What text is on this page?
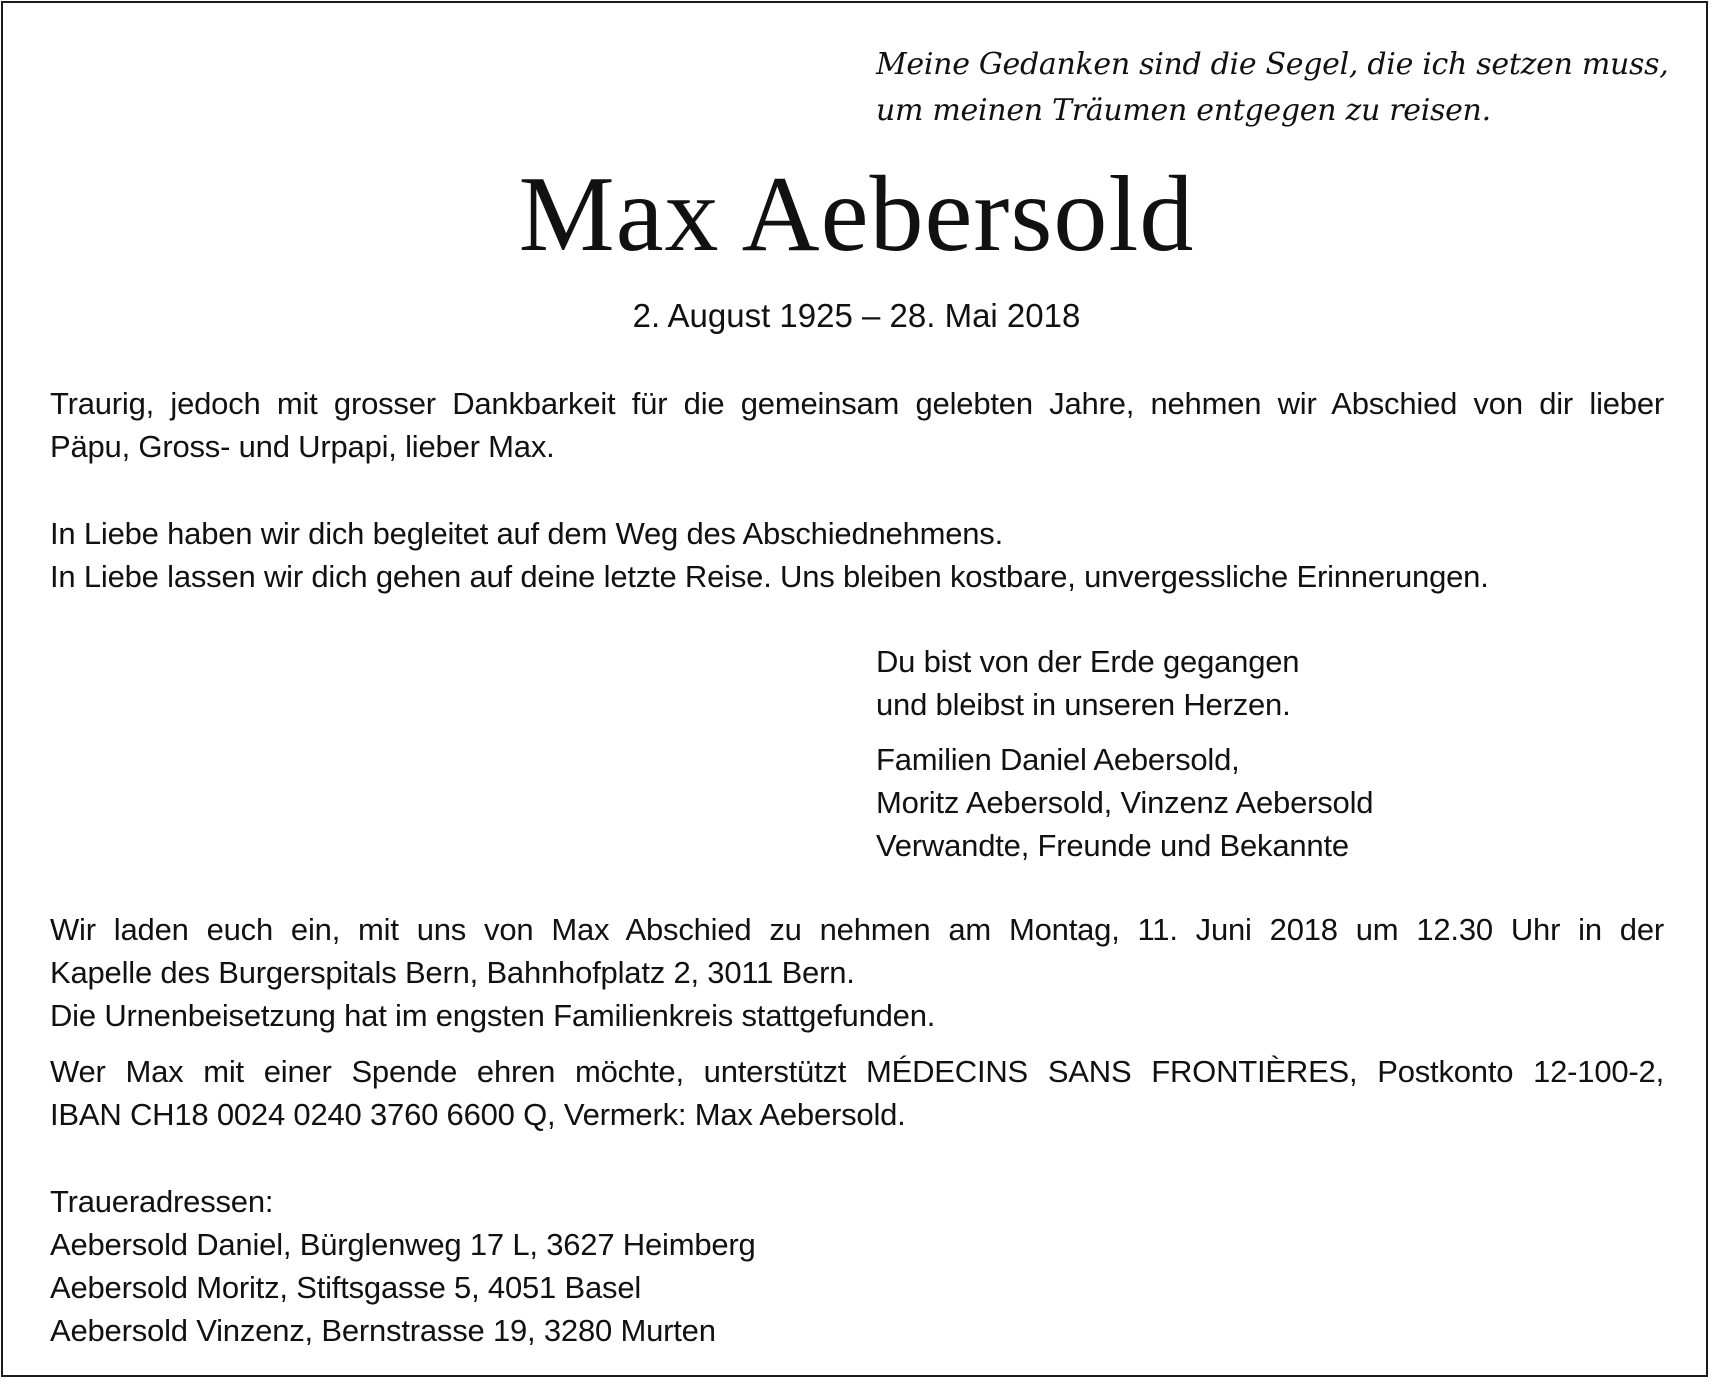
Meine Gedanken sind die Segel, die ich setzen muss,
um meinen Träumen entgegen zu reisen.
Max Aebersold
2. August 1925 – 28. Mai 2018
Traurig, jedoch mit grosser Dankbarkeit für die gemeinsam gelebten Jahre, nehmen wir Abschied von dir lieber
Päpu, Gross- und Urpapi, lieber Max.
In Liebe haben wir dich begleitet auf dem Weg des Abschiednehmens.
In Liebe lassen wir dich gehen auf deine letzte Reise. Uns bleiben kostbare, unvergessliche Erinnerungen.
Du bist von der Erde gegangen
und bleibst in unseren Herzen.
Familien Daniel Aebersold,
Moritz Aebersold, Vinzenz Aebersold
Verwandte, Freunde und Bekannte
Wir laden euch ein, mit uns von Max Abschied zu nehmen am Montag, 11. Juni 2018 um 12.30 Uhr in der
Kapelle des Burgerspitals Bern, Bahnhofplatz 2, 3011 Bern.
Die Urnenbeisetzung hat im engsten Familienkreis stattgefunden.
Wer Max mit einer Spende ehren möchte, unterstützt MÉDECINS SANS FRONTIÈRES, Postkonto 12-100-2,
IBAN CH18 0024 0240 3760 6600 Q, Vermerk: Max Aebersold.
Traueradressen:
Aebersold Daniel, Bürglenweg 17 L, 3627 Heimberg
Aebersold Moritz, Stiftsgasse 5, 4051 Basel
Aebersold Vinzenz, Bernstrasse 19, 3280 Murten
